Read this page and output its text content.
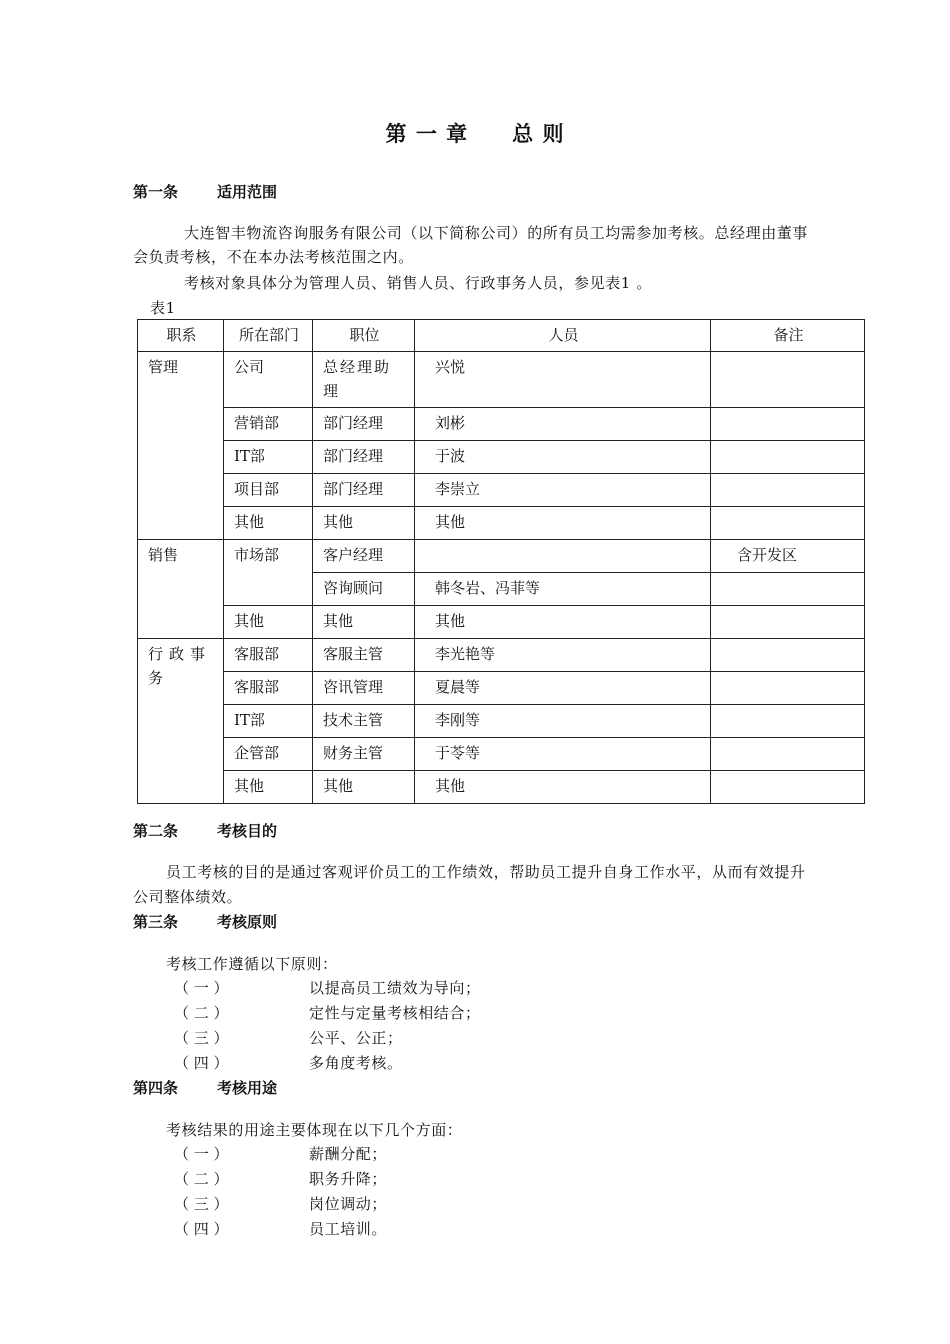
第 一 章 总 则
第一条	适用范围
大连智丰物流咨询服务有限公司（以下简称公司）的所有员工均需参加考核。总经理由董事
会负责考核，不在本办法考核范围之内。
考核对象具体分为管理人员、销售人员、行政事务人员，参见表1 。
表1
职系	所在部门	职位	人员	备注
管理	公司	总经理助理	兴悦	
	营销部	部门经理	刘彬	
	IT部	部门经理	于波	
	项目部	部门经理	李崇立	
	其他	其他	其他	
销售	市场部	客户经理		含开发区
		咨询顾问	韩冬岩、冯菲等	
	其他	其他	其他	

行政事务	客服部	客服主管	李光艳等	
	客服部	咨讯管理	夏晨等	
	IT部	技术主管	李刚等	
	企管部	财务主管	于苓等	
	其他	其他	其他	
第二条	考核目的
员工考核的目的是通过客观评价员工的工作绩效，帮助员工提升自身工作水平，从而有效提升
公司整体绩效。
第三条	考核原则
考核工作遵循以下原则：
（ 一 ）	以提高员工绩效为导向；
（ 二 ）	定性与定量考核相结合；
（ 三 ）	公平、公正；
（ 四 ）	多角度考核。
第四条	考核用途
考核结果的用途主要体现在以下几个方面：
（ 一 ）	薪酬分配；
（ 二 ）	职务升降；
（ 三 ）	岗位调动；
（ 四 ）	员工培训。
